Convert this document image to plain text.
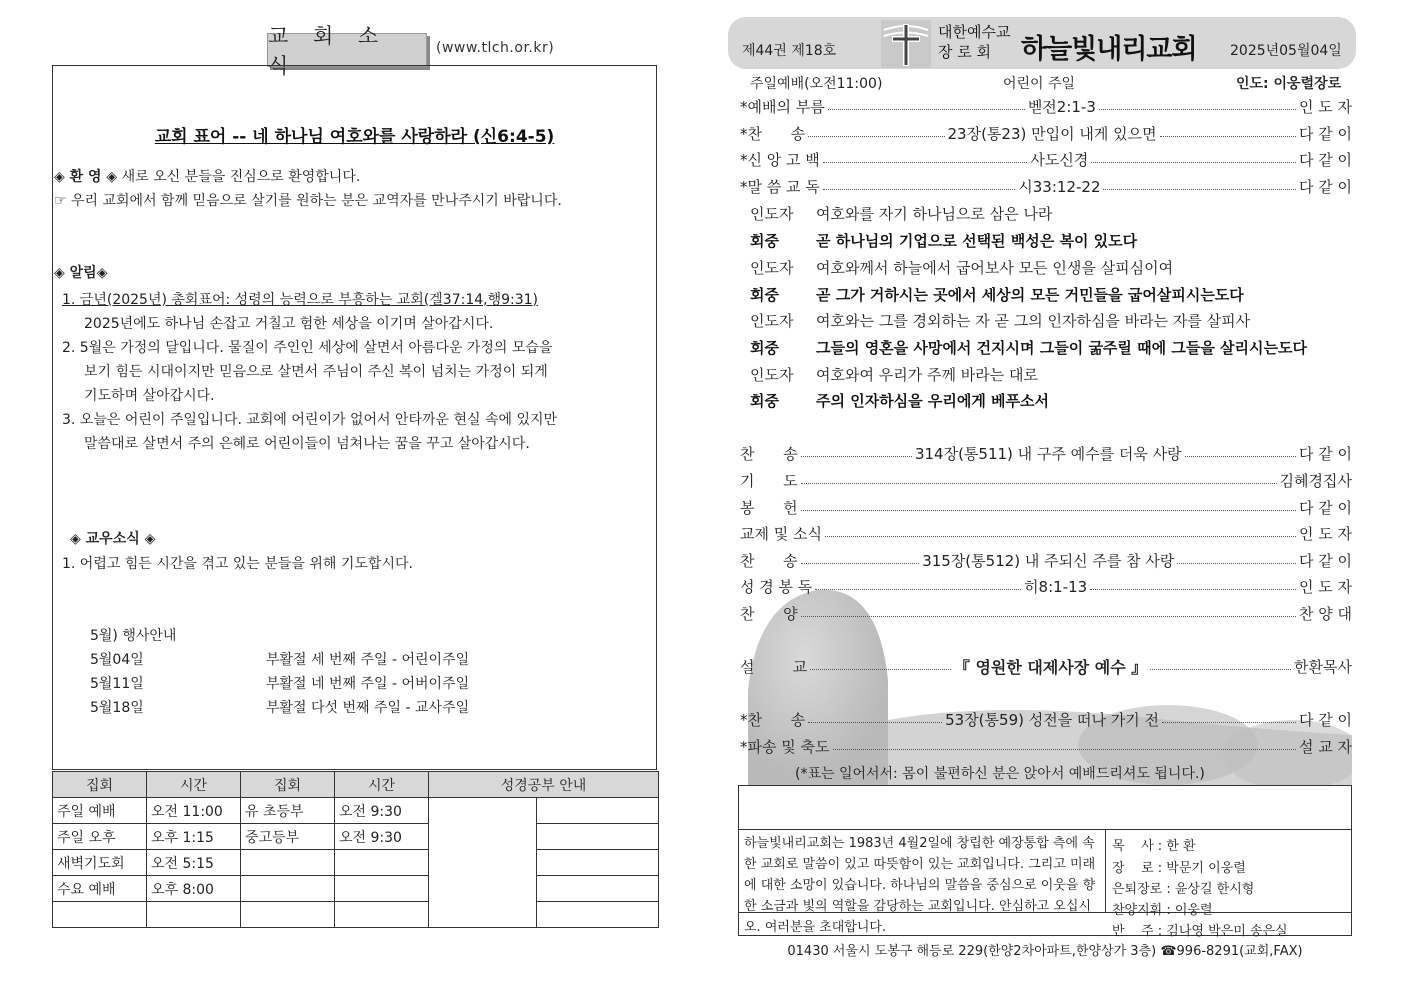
교 회 소 식
(www.tlch.or.kr)
교회 표어 -- 네 하나님 여호와를 사랑하라 (신6:4-5)
◈ 환 영 ◈ 새로 오신 분들을 진심으로 환영합니다.
☞ 우리 교회에서 함께 믿음으로 살기를 원하는 분은 교역자를 만나주시기 바랍니다.
◈ 알림◈
1. 금년(2025년) 총회표어: 성령의 능력으로 부흥하는 교회(겔37:14,행9:31)
2025년에도 하나님 손잡고 거칠고 험한 세상을 이기며 살아갑시다.
2. 5월은 가정의 달입니다. 물질이 주인인 세상에 살면서 아름다운 가정의 모습을
보기 힘든 시대이지만 믿음으로 살면서 주님이 주신 복이 넘치는 가정이 되게
기도하며 살아갑시다.
3. 오늘은 어린이 주일입니다. 교회에 어린이가 없어서 안타까운 현실 속에 있지만
말씀대로 살면서 주의 은혜로 어린이들이 넘쳐나는 꿈을 꾸고 살아갑시다.
◈ 교우소식 ◈
1. 어렵고 힘든 시간을 겪고 있는 분들을 위해 기도합시다.
5월) 행사안내
5월04일	부활절 세 번째 주일 - 어린이주일
5월11일	부활절 네 번째 주일 - 어버이주일
5월18일	부활절 다섯 번째 주일 - 교사주일
집회	시간	집회	시간	성경공부 안내	
주일 예배	오전 11:00	유 초등부	오전 9:30		
주일 오후	오후 1:15	중고등부	오전 9:30		
새벽기도회	오전 5:15				
수요 예배	오후 8:00				

제44권 제18호
대한예수교
장 로 회	하늘빛내리교회 2025년05월04일
주일예배(오전11:00)	어린이 주일	인도: 이웅렬장로
*예배의 부름	벧전2:1-3	인 도 자
*찬      송	23장(통23) 만입이 내게 있으면	다 같 이
*신 앙 고 백	사도신경	다 같 이
*말 씀 교 독	시33:12-22	다 같 이
인도자 여호와를 자기 하나님으로 삼은 나라
회중 곧 하나님의 기업으로 선택된 백성은 복이 있도다
인도자 여호와께서 하늘에서 굽어보사 모든 인생을 살피심이여
회중 곧 그가 거하시는 곳에서 세상의 모든 거민들을 굽어살피시는도다
인도자 여호와는 그를 경외하는 자 곧 그의 인자하심을 바라는 자를 살피사
회중 그들의 영혼을 사망에서 건지시며 그들이 굶주릴 때에 그들을 살리시는도다
인도자 여호와여 우리가 주께 바라는 대로
회중 주의 인자하심을 우리에게 베푸소서
찬      송	314장(통511) 내 구주 예수를 더욱 사랑	다 같 이
기      도	김혜경집사
봉      헌	다 같 이
교제 및 소식	인 도 자
찬      송	315장(통512) 내 주되신 주를 참 사랑	다 같 이
성 경 봉 독	히8:1-13	인 도 자
찬      양	찬 양 대
설        교	『 영원한 대제사장 예수 』	한환목사
*찬      송	53장(통59) 성전을 떠나 가기 전	다 같 이
*파송 및 축도	설 교 자
(*표는 일어서서: 몸이 불편하신 분은 앉아서 예배드리셔도 됩니다.)
하늘빛내리교회는 1983년 4월2일에 창립한 예장통합 측에 속한 교회로 말씀이 있고 따뜻함이 있는 교회입니다. 그리고 미래에 대한 소망이 있습니다. 하나님의 말씀을 중심으로 이웃을 향한 소금과 빛의 역할을 감당하는 교회입니다. 안심하고 오십시오. 여러분을 초대합니다.
목    사 : 한 환
장    로 : 박문기 이웅렬
은퇴장로 : 윤상길 한시형
찬양지휘 : 이웅렬
반    주 : 김나영 박은미 송은실
01430 서울시 도봉구 해등로 229(한양2차아파트,한양상가 3층) ☎996-8291(교회,FAX)
